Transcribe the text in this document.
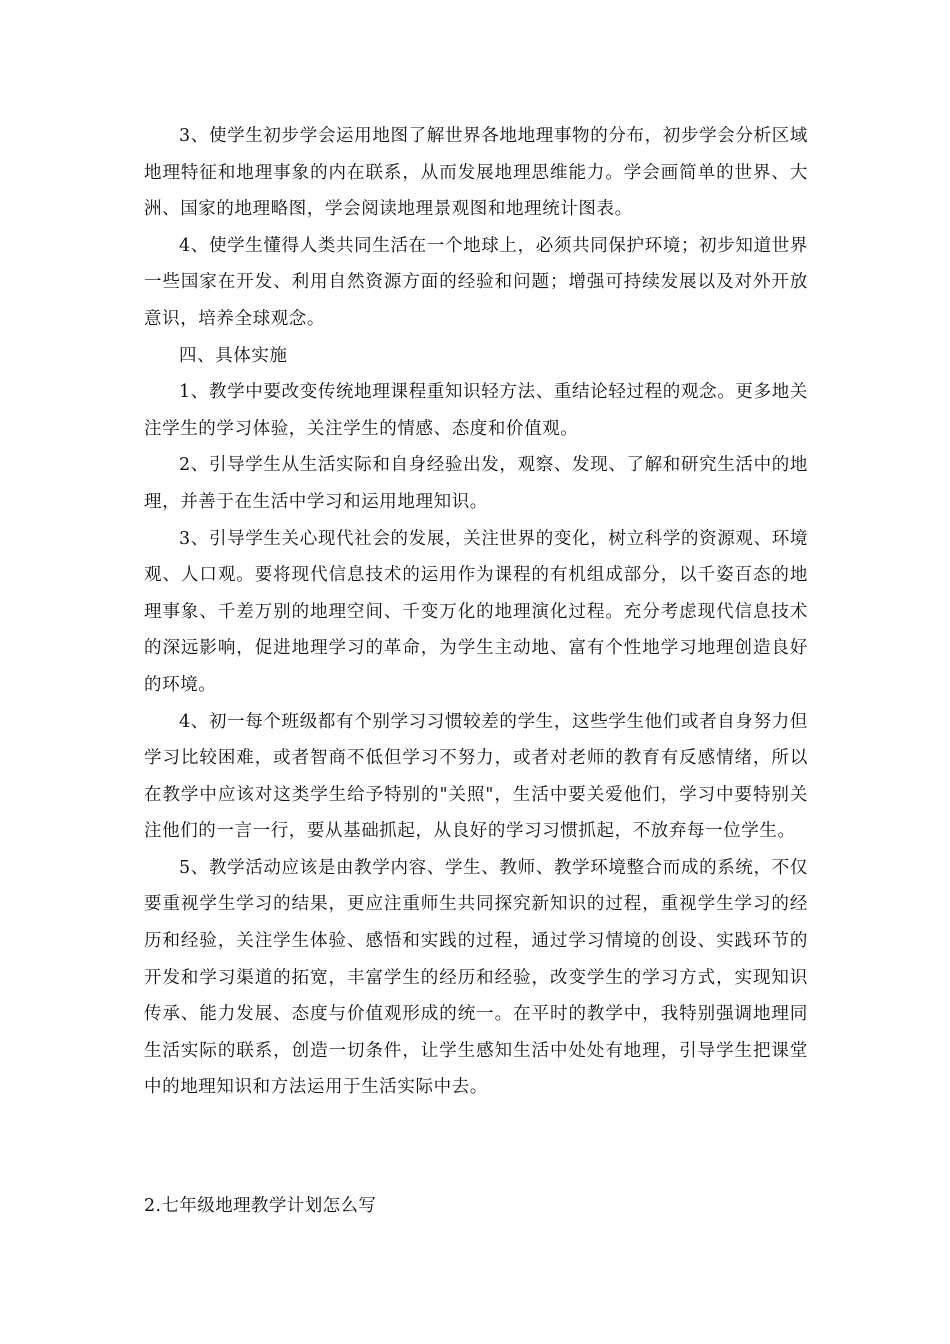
3、使学生初步学会运用地图了解世界各地地理事物的分布，初步学会分析区域地理特征和地理事象的内在联系，从而发展地理思维能力。学会画简单的世界、大洲、国家的地理略图，学会阅读地理景观图和地理统计图表。

4、使学生懂得人类共同生活在一个地球上，必须共同保护环境；初步知道世界一些国家在开发、利用自然资源方面的经验和问题；增强可持续发展以及对外开放意识，培养全球观念。

四、具体实施

1、教学中要改变传统地理课程重知识轻方法、重结论轻过程的观念。更多地关注学生的学习体验，关注学生的情感、态度和价值观。

2、引导学生从生活实际和自身经验出发，观察、发现、了解和研究生活中的地理，并善于在生活中学习和运用地理知识。

3、引导学生关心现代社会的发展，关注世界的变化，树立科学的资源观、环境观、人口观。要将现代信息技术的运用作为课程的有机组成部分，以千姿百态的地理事象、千差万别的地理空间、千变万化的地理演化过程。充分考虑现代信息技术的深远影响，促进地理学习的革命，为学生主动地、富有个性地学习地理创造良好的环境。

4、初一每个班级都有个别学习习惯较差的学生，这些学生他们或者自身努力但学习比较困难，或者智商不低但学习不努力，或者对老师的教育有反感情绪，所以在教学中应该对这类学生给予特别的"关照"，生活中要关爱他们，学习中要特别关注他们的一言一行，要从基础抓起，从良好的学习习惯抓起，不放弃每一位学生。

5、教学活动应该是由教学内容、学生、教师、教学环境整合而成的系统，不仅要重视学生学习的结果，更应注重师生共同探究新知识的过程，重视学生学习的经历和经验，关注学生体验、感悟和实践的过程，通过学习情境的创设、实践环节的开发和学习渠道的拓宽，丰富学生的经历和经验，改变学生的学习方式，实现知识传承、能力发展、态度与价值观形成的统一。在平时的教学中，我特别强调地理同生活实际的联系，创造一切条件，让学生感知生活中处处有地理，引导学生把课堂中的地理知识和方法运用于生活实际中去。

2.七年级地理教学计划怎么写
